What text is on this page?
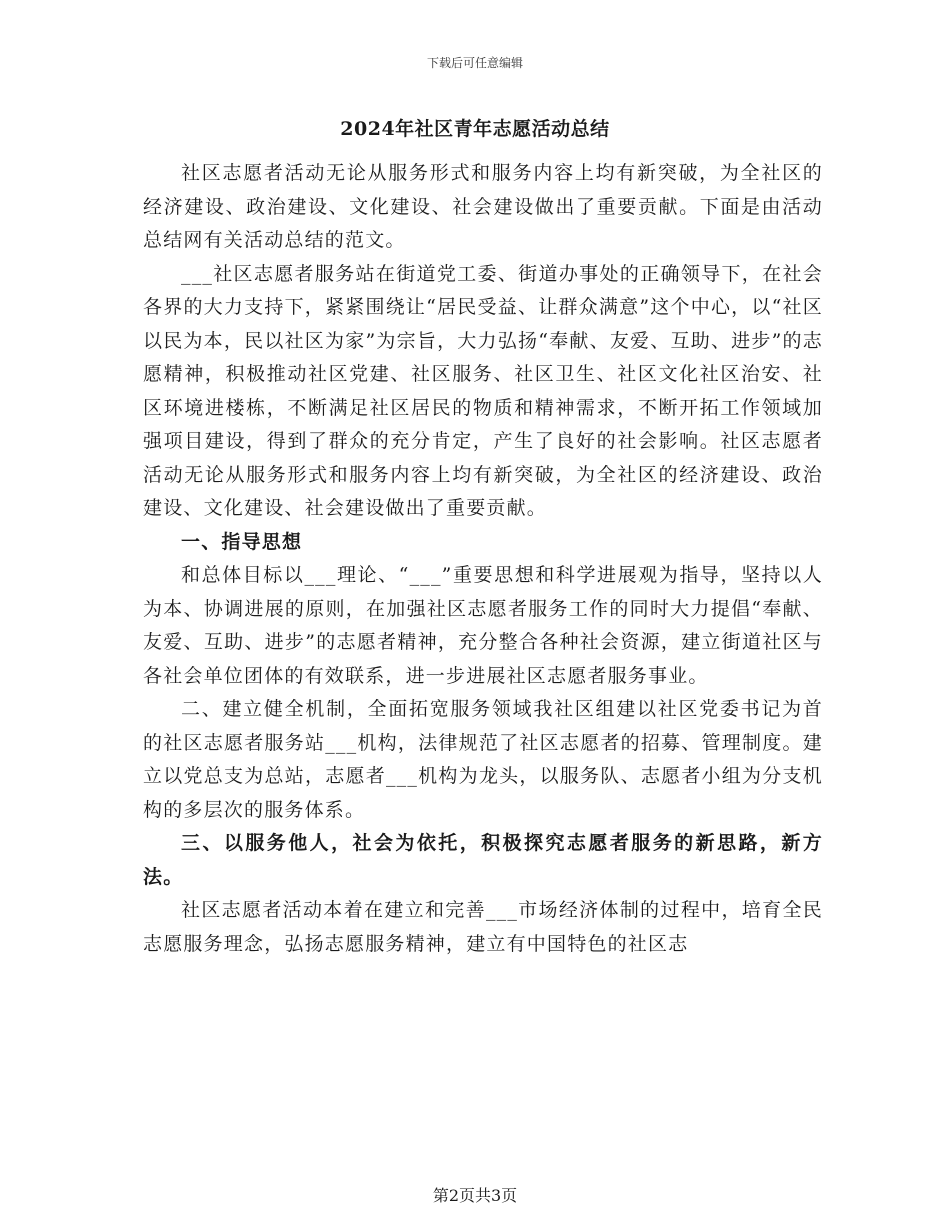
下载后可任意编辑
2024年社区青年志愿活动总结

社区志愿者活动无论从服务形式和服务内容上均有新突破，为全社区的经济建设、政治建设、文化建设、社会建设做出了重要贡献。下面是由活动总结网有关活动总结的范文。

___社区志愿者服务站在街道党工委、街道办事处的正确领导下，在社会各界的大力支持下，紧紧围绕让“居民受益、让群众满意”这个中心，以“社区以民为本，民以社区为家”为宗旨，大力弘扬“奉献、友爱、互助、进步”的志愿精神，积极推动社区党建、社区服务、社区卫生、社区文化社区治安、社区环境进楼栋，不断满足社区居民的物质和精神需求，不断开拓工作领域加强项目建设，得到了群众的充分肯定，产生了良好的社会影响。社区志愿者活动无论从服务形式和服务内容上均有新突破，为全社区的经济建设、政治建设、文化建设、社会建设做出了重要贡献。

一、指导思想

和总体目标以___理论、“___”重要思想和科学进展观为指导，坚持以人为本、协调进展的原则，在加强社区志愿者服务工作的同时大力提倡“奉献、友爱、互助、进步”的志愿者精神，充分整合各种社会资源，建立街道社区与各社会单位团体的有效联系，进一步进展社区志愿者服务事业。

二、建立健全机制，全面拓宽服务领域我社区组建以社区党委书记为首的社区志愿者服务站___机构，法律规范了社区志愿者的招募、管理制度。建立以党总支为总站，志愿者___机构为龙头，以服务队、志愿者小组为分支机构的多层次的服务体系。

三、以服务他人，社会为依托，积极探究志愿者服务的新思路，新方法。

社区志愿者活动本着在建立和完善___市场经济体制的过程中，培育全民志愿服务理念，弘扬志愿服务精神，建立有中国特色的社区志

第2页共3页
